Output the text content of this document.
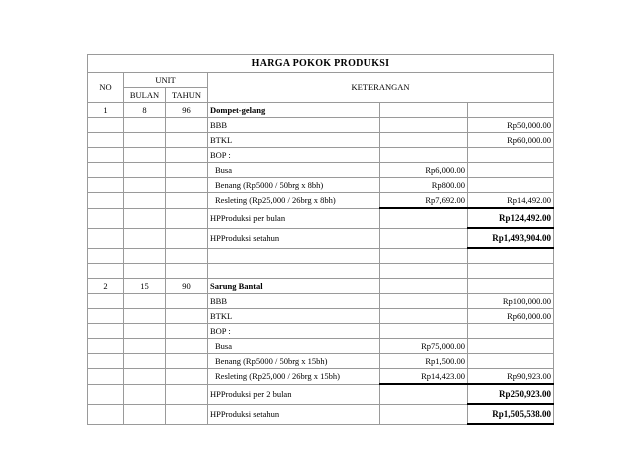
HARGA POKOK PRODUKSI					
NO	UNIT		KETERANGAN		
	BULAN	TAHUN			
1	8	96	Dompet-gelang		
			BBB		Rp50,000.00
			BTKL		Rp60,000.00
			BOP :		
			Busa	Rp6,000.00	
			Benang (Rp5000 / 50brg x 8bh)	Rp800.00	
			Resleting (Rp25,000 / 26brg x 8bh)	Rp7,692.00	Rp14,492.00
			HPProduksi per bulan		Rp124,492.00
			HPProduksi setahun		Rp1,493,904.00

2	15	90	Sarung Bantal		
			BBB		Rp100,000.00
			BTKL		Rp60,000.00
			BOP :		
			Busa	Rp75,000.00	
			Benang (Rp5000 / 50brg x 15bh)	Rp1,500.00	
			Resleting (Rp25,000 / 26brg x 15bh)	Rp14,423.00	Rp90,923.00
			HPProduksi per 2 bulan		Rp250,923.00
			HPProduksi setahun		Rp1,505,538.00
